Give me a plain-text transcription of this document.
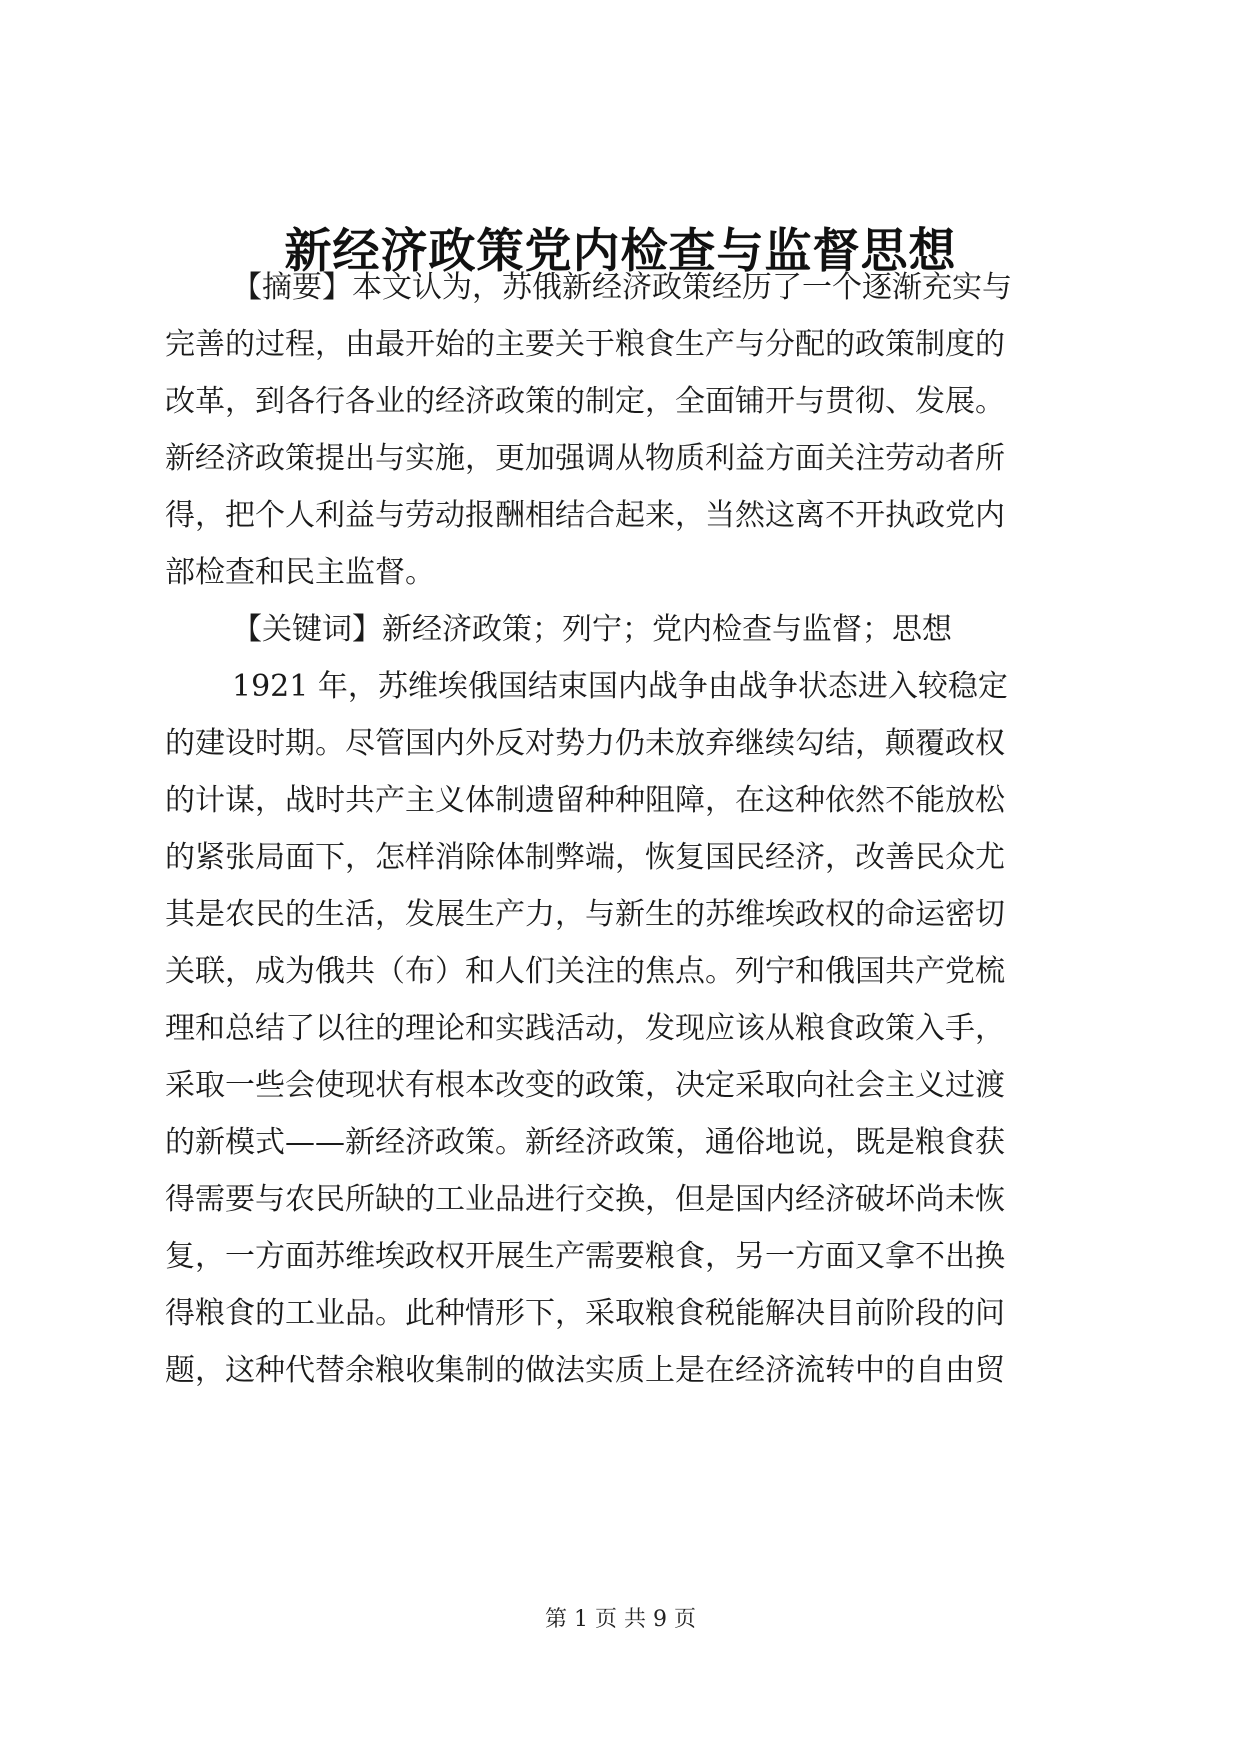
新经济政策党内检查与监督思想
【摘要】本文认为，苏俄新经济政策经历了一个逐渐充实与
完善的过程，由最开始的主要关于粮食生产与分配的政策制度的
改革，到各行各业的经济政策的制定，全面铺开与贯彻、发展。
新经济政策提出与实施，更加强调从物质利益方面关注劳动者所
得，把个人利益与劳动报酬相结合起来，当然这离不开执政党内
部检查和民主监督。
【关键词】新经济政策；列宁；党内检查与监督；思想
1921 年，苏维埃俄国结束国内战争由战争状态进入较稳定
的建设时期。尽管国内外反对势力仍未放弃继续勾结，颠覆政权
的计谋，战时共产主义体制遗留种种阻障，在这种依然不能放松
的紧张局面下，怎样消除体制弊端，恢复国民经济，改善民众尤
其是农民的生活，发展生产力，与新生的苏维埃政权的命运密切
关联，成为俄共（布）和人们关注的焦点。列宁和俄国共产党梳
理和总结了以往的理论和实践活动，发现应该从粮食政策入手，
采取一些会使现状有根本改变的政策，决定采取向社会主义过渡
的新模式——新经济政策。新经济政策，通俗地说，既是粮食获
得需要与农民所缺的工业品进行交换，但是国内经济破坏尚未恢
复，一方面苏维埃政权开展生产需要粮食，另一方面又拿不出换
得粮食的工业品。此种情形下，采取粮食税能解决目前阶段的问
题，这种代替余粮收集制的做法实质上是在经济流转中的自由贸
第 1 页 共 9 页
